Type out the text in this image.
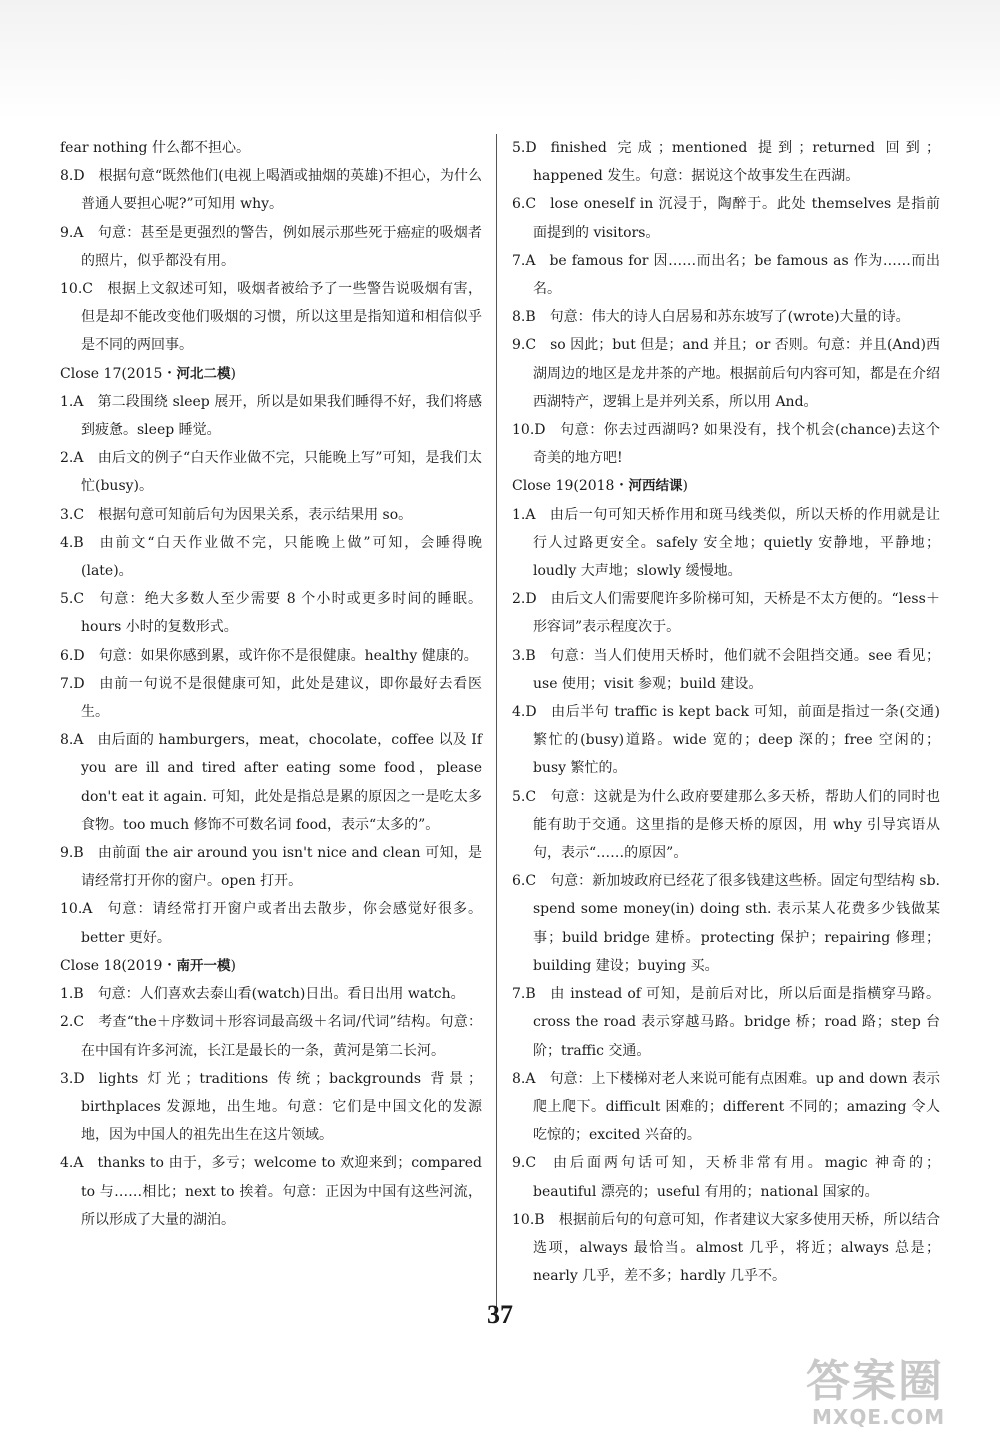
fear nothing 什么都不担心。

8.D  根据句意“既然他们(电视上喝酒或抽烟的英雄)不担心，为什么普通人要担心呢?”可知用 why。

9.A  句意：甚至是更强烈的警告，例如展示那些死于癌症的吸烟者的照片，似乎都没有用。

10.C  根据上文叙述可知，吸烟者被给予了一些警告说吸烟有害，但是却不能改变他们吸烟的习惯，所以这里是指知道和相信似乎是不同的两回事。

Close 17(2015・河北二模)

1.A  第二段围绕 sleep 展开，所以是如果我们睡得不好，我们将感到疲惫。sleep 睡觉。

2.A  由后文的例子“白天作业做不完，只能晚上写”可知，是我们太忙(busy)。

3.C  根据句意可知前后句为因果关系，表示结果用 so。

4.B  由前文“白天作业做不完，只能晚上做”可知，会睡得晚(late)。

5.C  句意：绝大多数人至少需要 8 个小时或更多时间的睡眠。hours 小时的复数形式。

6.D  句意：如果你感到累，或许你不是很健康。healthy 健康的。

7.D  由前一句说不是很健康可知，此处是建议，即你最好去看医生。

8.A  由后面的 hamburgers，meat，chocolate，coffee 以及 If you are ill and tired after eating some food，please don't eat it again. 可知，此处是指总是累的原因之一是吃太多食物。too much 修饰不可数名词 food，表示“太多的”。

9.B  由前面 the air around you isn't nice and clean 可知，是请经常打开你的窗户。open 打开。

10.A  句意：请经常打开窗户或者出去散步，你会感觉好很多。better 更好。

Close 18(2019・南开一模)

1.B  句意：人们喜欢去泰山看(watch)日出。看日出用 watch。

2.C  考查“the＋序数词＋形容词最高级＋名词/代词”结构。句意：在中国有许多河流，长江是最长的一条，黄河是第二长河。

3.D  lights 灯光；traditions 传统；backgrounds 背景；birthplaces 发源地，出生地。句意：它们是中国文化的发源地，因为中国人的祖先出生在这片领域。

4.A  thanks to 由于，多亏；welcome to 欢迎来到；compared to 与……相比；next to 挨着。句意：正因为中国有这些河流，所以形成了大量的湖泊。

5.D  finished 完成；mentioned 提到；returned 回到；happened 发生。句意：据说这个故事发生在西湖。

6.C  lose oneself in 沉浸于，陶醉于。此处 themselves 是指前面提到的 visitors。

7.A  be famous for 因……而出名；be famous as 作为……而出名。

8.B  句意：伟大的诗人白居易和苏东坡写了(wrote)大量的诗。

9.C  so 因此；but 但是；and 并且；or 否则。句意：并且(And)西湖周边的地区是龙井茶的产地。根据前后句内容可知，都是在介绍西湖特产，逻辑上是并列关系，所以用 And。

10.D  句意：你去过西湖吗? 如果没有，找个机会(chance)去这个奇美的地方吧!

Close 19(2018・河西结课)

1.A  由后一句可知天桥作用和斑马线类似，所以天桥的作用就是让行人过路更安全。safely 安全地；quietly 安静地，平静地；loudly 大声地；slowly 缓慢地。

2.D  由后文人们需要爬许多阶梯可知，天桥是不太方便的。“less＋形容词”表示程度次于。

3.B  句意：当人们使用天桥时，他们就不会阻挡交通。see 看见；use 使用；visit 参观；build 建设。

4.D  由后半句 traffic is kept back 可知，前面是指过一条(交通)繁忙的(busy)道路。wide 宽的；deep 深的；free 空闲的；busy 繁忙的。

5.C  句意：这就是为什么政府要建那么多天桥，帮助人们的同时也能有助于交通。这里指的是修天桥的原因，用 why 引导宾语从句，表示“……的原因”。

6.C  句意：新加坡政府已经花了很多钱建这些桥。固定句型结构 sb. spend some money(in) doing sth. 表示某人花费多少钱做某事；build bridge 建桥。protecting 保护；repairing 修理；building 建设；buying 买。

7.B  由 instead of 可知，是前后对比，所以后面是指横穿马路。cross the road 表示穿越马路。bridge 桥；road 路；step 台阶；traffic 交通。

8.A  句意：上下楼梯对老人来说可能有点困难。up and down 表示爬上爬下。difficult 困难的；different 不同的；amazing 令人吃惊的；excited 兴奋的。

9.C  由后面两句话可知，天桥非常有用。magic 神奇的；beautiful 漂亮的；useful 有用的；national 国家的。

10.B  根据前后句的句意可知，作者建议大家多使用天桥，所以结合选项，always 最恰当。almost 几乎，将近；always 总是；nearly 几乎，差不多；hardly 几乎不。

37
答案圈
MXQE.COM
